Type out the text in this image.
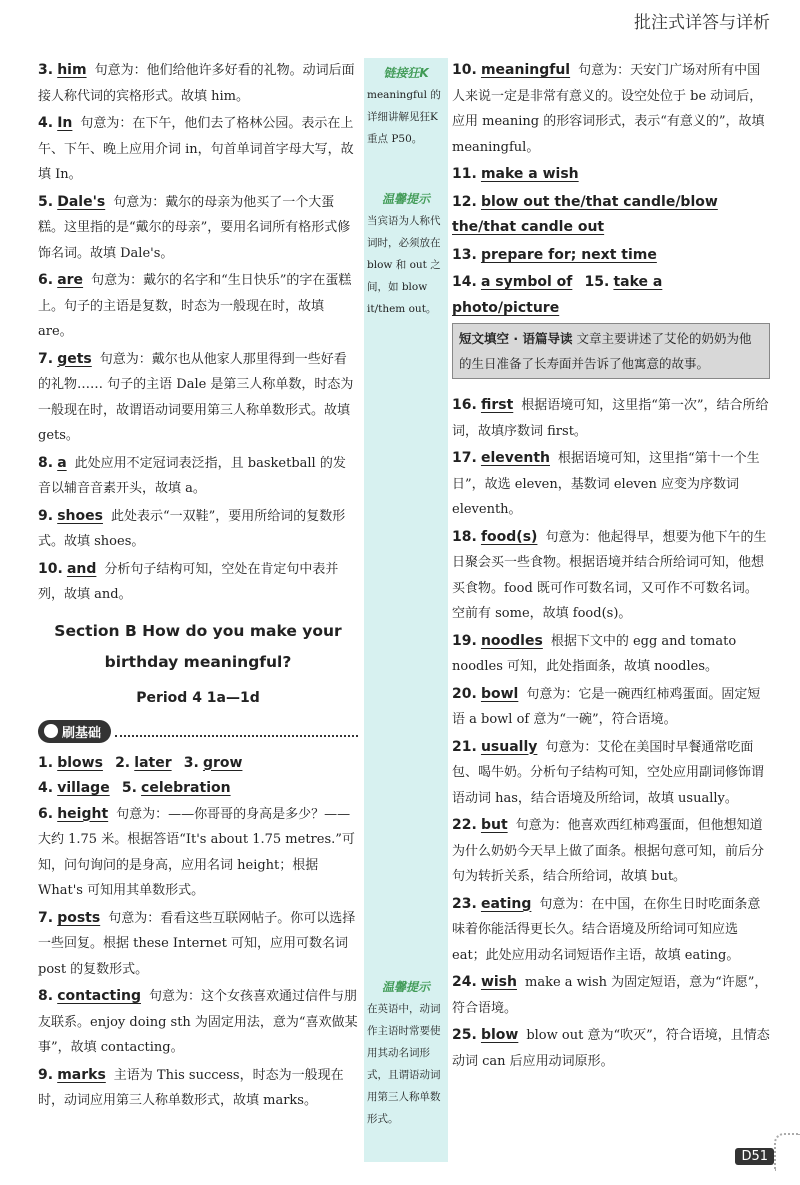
批注式详答与详析
3. him 句意为：他们给他许多好看的礼物。动词后面接人称代词的宾格形式。故填 him。
4. In 句意为：在下午，他们去了格林公园。表示在上午、下午、晚上应用介词 in，句首单词首字母大写，故填 In。
5. Dale's 句意为：戴尔的母亲为他买了一个大蛋糕。这里指的是“戴尔的母亲”，要用名词所有格形式修饰名词。故填 Dale's。
6. are 句意为：戴尔的名字和“生日快乐”的字在蛋糕上。句子的主语是复数，时态为一般现在时，故填 are。
7. gets 句意为：戴尔也从他家人那里得到一些好看的礼物…… 句子的主语 Dale 是第三人称单数，时态为一般现在时，故谓语动词要用第三人称单数形式。故填 gets。
8. a 此处应用不定冠词表泛指，且 basketball 的发音以辅音音素开头，故填 a。
9. shoes 此处表示“一双鞋”，要用所给词的复数形式。故填 shoes。
10. and 分析句子结构可知，空处在肯定句中表并列，故填 and。
Section B How do you make your
birthday meaningful?
Period 4 1a—1d
刷基础
1. blows 2. later 3. grow
4. village 5. celebration
6. height 句意为：——你哥哥的身高是多少？——大约 1.75 米。根据答语“It's about 1.75 metres.”可知，问句询问的是身高，应用名词 height；根据 What's 可知用其单数形式。
7. posts 句意为：看看这些互联网帖子。你可以选择一些回复。根据 these Internet 可知，应用可数名词 post 的复数形式。
8. contacting 句意为：这个女孩喜欢通过信件与朋友联系。enjoy doing sth 为固定用法，意为“喜欢做某事”，故填 contacting。
9. marks 主语为 This success，时态为一般现在时，动词应用第三人称单数形式，故填 marks。
链接狂K
meaningful 的详细讲解见狂K 重点 P50。
温馨提示
当宾语为人称代词时，必须放在 blow 和 out 之间，如 blow it/them out。
温馨提示
在英语中，动词作主语时常要使用其动名词形式，且谓语动词用第三人称单数形式。
10. meaningful 句意为：天安门广场对所有中国人来说一定是非常有意义的。设空处位于 be 动词后，应用 meaning 的形容词形式，表示“有意义的”，故填 meaningful。
11. make a wish
12. blow out the/that candle/blow the/that candle out
13. prepare for; next time
14. a symbol of 15. take a photo/picture
短文填空 · 语篇导读 文章主要讲述了艾伦的奶奶为他的生日准备了长寿面并告诉了他寓意的故事。
16. first 根据语境可知，这里指“第一次”，结合所给词，故填序数词 first。
17. eleventh 根据语境可知，这里指“第十一个生日”，故选 eleven，基数词 eleven 应变为序数词 eleventh。
18. food(s) 句意为：他起得早，想要为他下午的生日聚会买一些食物。根据语境并结合所给词可知，他想买食物。food 既可作可数名词，又可作不可数名词。空前有 some，故填 food(s)。
19. noodles 根据下文中的 egg and tomato noodles 可知，此处指面条，故填 noodles。
20. bowl 句意为：它是一碗西红柿鸡蛋面。固定短语 a bowl of 意为“一碗”，符合语境。
21. usually 句意为：艾伦在美国时早餐通常吃面包、喝牛奶。分析句子结构可知，空处应用副词修饰谓语动词 has，结合语境及所给词，故填 usually。
22. but 句意为：他喜欢西红柿鸡蛋面，但他想知道为什么奶奶今天早上做了面条。根据句意可知，前后分句为转折关系，结合所给词，故填 but。
23. eating 句意为：在中国，在你生日时吃面条意味着你能活得更长久。结合语境及所给词可知应选 eat；此处应用动名词短语作主语，故填 eating。
24. wish make a wish 为固定短语，意为“许愿”，符合语境。
25. blow blow out 意为“吹灭”，符合语境，且情态动词 can 后应用动词原形。
D51
